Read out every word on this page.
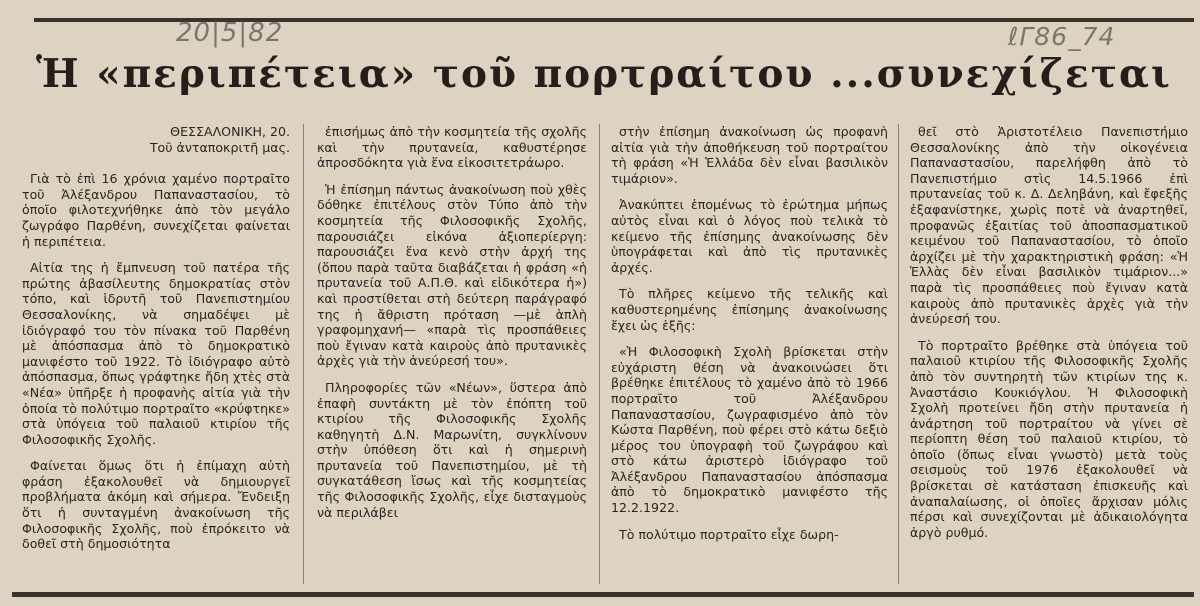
20|5|82	ℓΓ86_74
Ἡ «περιπέτεια» τοῦ πορτραίτου ...συνεχίζεται
ΘΕΣΣΑΛΟΝΙΚΗ, 20.
Τοῦ ἀνταποκριτῆ μας.

Γιὰ τὸ ἐπὶ 16 χρόνια χαμένο πορτραῖτο τοῦ Ἀλέξανδρου Παπαναστασίου, τὸ ὁποῖο φιλοτεχνήθηκε ἀπὸ τὸν μεγάλο ζωγράφο Παρθένη, συνεχίζεται φαίνεται ἡ περιπέτεια.

Αἰτία της ἡ ἔμπνευση τοῦ πατέρα τῆς πρώτης ἀβασίλευτης δημοκρατίας στὸν τόπο, καὶ ἱδρυτῆ τοῦ Πανεπιστημίου Θεσσαλονίκης, νὰ σημαδέψει μὲ ἰδιόγραφό του τὸν πίνακα τοῦ Παρθένη μὲ ἀπόσπασμα ἀπὸ τὸ δημοκρατικὸ μανιφέστο τοῦ 1922. Τὸ ἰδιόγραφο αὐτὸ ἀπόσπασμα, ὅπως γράφτηκε ἤδη χτὲς στὰ «Νέα» ὑπῆρξε ἡ προφανὴς αἰτία γιὰ τὴν ὁποία τὸ πολύτιμο πορτραῖτο «κρύφτηκε» στὰ ὑπόγεια τοῦ παλαιοῦ κτιρίου τῆς Φιλοσοφικῆς Σχολῆς.

Φαίνεται ὅμως ὅτι ἡ ἐπίμαχη αὐτὴ φράση ἐξακολουθεῖ νὰ δημιουργεῖ προβλήματα ἀκόμη καὶ σήμερα. Ἔνδειξη ὅτι ἡ συνταγμένη ἀνακοίνωση τῆς Φιλοσοφικῆς Σχολῆς, ποὺ ἐπρόκειτο νὰ δοθεῖ στὴ δημοσιότητα

ἐπισήμως ἀπὸ τὴν κοσμητεία τῆς σχολῆς καὶ τὴν πρυτανεία, καθυστέρησε ἀπροσδόκητα γιὰ ἕνα εἰκοσιτετράωρο.

Ἡ ἐπίσημη πάντως ἀνακοίνωση ποὺ χθὲς δόθηκε ἐπιτέλους στὸν Τύπο ἀπὸ τὴν κοσμητεία τῆς Φιλοσοφικῆς Σχολῆς, παρουσιάζει εἰκόνα ἀξιοπερίεργη: παρουσιάζει ἕνα κενὸ στὴν ἀρχή της (ὅπου παρὰ ταῦτα διαβάζεται ἡ φράση «ἡ πρυτανεία τοῦ Α.Π.Θ. καὶ εἰδικότερα ἡ») καὶ προστίθεται στὴ δεύτερη παράγραφό της ἡ ἄθριστη πρόταση —μὲ ἁπλὴ γραφομηχανή— «παρὰ τὶς προσπάθειες ποὺ ἔγιναν κατὰ καιροὺς ἀπὸ πρυτανικὲς ἀρχὲς γιὰ τὴν ἀνεύρεσή του».

Πληροφορίες τῶν «Νέων», ὕστερα ἀπὸ ἐπαφὴ συντάκτη μὲ τὸν ἐπόπτη τοῦ κτιρίου τῆς Φιλοσοφικῆς Σχολῆς καθηγητὴ Δ.Ν. Μαρωνίτη, συγκλίνουν στὴν ὑπόθεση ὅτι καὶ ἡ σημερινὴ πρυτανεία τοῦ Πανεπιστημίου, μὲ τὴ συγκατάθεση ἴσως καὶ τῆς κοσμητείας τῆς Φιλοσοφικῆς Σχολῆς, εἶχε δισταγμοὺς νὰ περιλάβει

στὴν ἐπίσημη ἀνακοίνωση ὡς προφανὴ αἰτία γιὰ τὴν ἀποθήκευση τοῦ πορτραίτου τὴ φράση «Ἡ Ἑλλάδα δὲν εἶναι βασιλικὸν τιμάριον».

Ἀνακύπτει ἑπομένως τὸ ἐρώτημα μήπως αὐτὸς εἶναι καὶ ὁ λόγος ποὺ τελικὰ τὸ κείμενο τῆς ἐπίσημης ἀνακοίνωσης δὲν ὑπογράφεται καὶ ἀπὸ τὶς πρυτανικὲς ἀρχές.

Τὸ πλῆρες κείμενο τῆς τελικῆς καὶ καθυστερημένης ἐπίσημης ἀνακοίνωσης ἔχει ὡς ἑξῆς:

«Ἡ Φιλοσοφικὴ Σχολὴ βρίσκεται στὴν εὐχάριστη θέση νὰ ἀνακοινώσει ὅτι βρέθηκε ἐπιτέλους τὸ χαμένο ἀπὸ τὸ 1966 πορτραῖτο τοῦ Ἀλέξανδρου Παπαναστασίου, ζωγραφισμένο ἀπὸ τὸν Κώστα Παρθένη, ποὺ φέρει στὸ κάτω δεξιὸ μέρος του ὑπογραφὴ τοῦ ζωγράφου καὶ στὸ κάτω ἀριστερὸ ἰδιόγραφο τοῦ Ἀλέξανδρου Παπαναστασίου ἀπόσπασμα ἀπὸ τὸ δημοκρατικὸ μανιφέστο τῆς 12.2.1922.

Τὸ πολύτιμο πορτραῖτο εἶχε δωρη-

θεῖ στὸ Ἀριστοτέλειο Πανεπιστήμιο Θεσσαλονίκης ἀπὸ τὴν οἰκογένεια Παπαναστασίου, παρελήφθη ἀπὸ τὸ Πανεπιστήμιο στὶς 14.5.1966 ἐπὶ πρυτανείας τοῦ κ. Δ. Δεληβάνη, καὶ ἔφεξῆς ἐξαφανίστηκε, χωρὶς ποτὲ νὰ ἀναρτηθεῖ, προφανῶς ἐξαιτίας τοῦ ἀποσπασματικοῦ κειμένου τοῦ Παπαναστασίου, τὸ ὁποῖο ἀρχίζει μὲ τὴν χαρακτηριστικὴ φράση: «Ἡ Ἑλλὰς δὲν εἶναι βασιλικὸν τιμάριον...» παρὰ τὶς προσπάθειες ποὺ ἔγιναν κατὰ καιροὺς ἀπὸ πρυτανικὲς ἀρχὲς γιὰ τὴν ἀνεύρεσή του.

Τὸ πορτραῖτο βρέθηκε στὰ ὑπόγεια τοῦ παλαιοῦ κτιρίου τῆς Φιλοσοφικῆς Σχολῆς ἀπὸ τὸν συντηρητὴ τῶν κτιρίων της κ. Ἀναστάσιο Κουκιόγλου. Ἡ Φιλοσοφικὴ Σχολὴ προτείνει ἤδη στὴν πρυτανεία ἡ ἀνάρτηση τοῦ πορτραίτου νὰ γίνει σὲ περίοπτη θέση τοῦ παλαιοῦ κτιρίου, τὸ ὁποῖο (ὅπως εἶναι γνωστὸ) μετὰ τοὺς σεισμοὺς τοῦ 1976 ἐξακολουθεῖ νὰ βρίσκεται σὲ κατάσταση ἐπισκευῆς καὶ ἀναπαλαίωσης, οἱ ὁποῖες ἄρχισαν μόλις πέρσι καὶ συνεχίζονται μὲ ἀδικαιολόγητα ἀργὸ ρυθμό.
